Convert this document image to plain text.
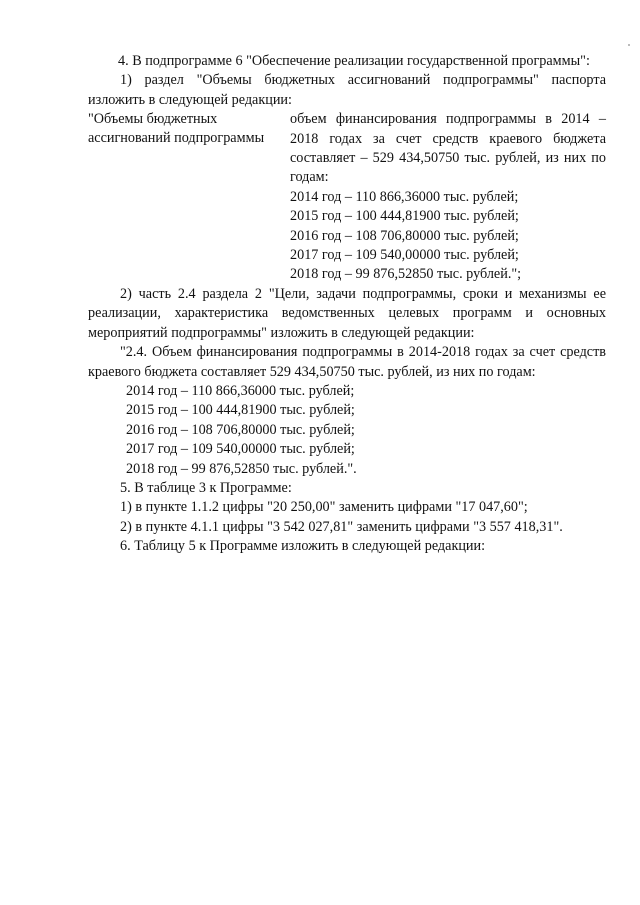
4. В подпрограмме 6 "Обеспечение реализации государственной программы":
1) раздел "Объемы бюджетных ассигнований подпрограммы" паспорта изложить в следующей редакции:
"Объемы бюджетных
ассигнований подпрограммы
объем финансирования подпрограммы в 2014 – 2018 годах за счет средств краевого бюджета составляет – 529 434,50750 тыс. рублей, из них по годам:
2014 год – 110 866,36000 тыс. рублей;
2015 год – 100 444,81900 тыс. рублей;
2016 год – 108 706,80000 тыс. рублей;
2017 год – 109 540,00000 тыс. рублей;
2018 год – 99 876,52850 тыс. рублей.";
2) часть 2.4 раздела 2 "Цели, задачи подпрограммы, сроки и механизмы ее реализации, характеристика ведомственных целевых программ и основных мероприятий подпрограммы" изложить в следующей редакции:
"2.4. Объем финансирования подпрограммы в 2014-2018 годах за счет средств краевого бюджета составляет 529 434,50750 тыс. рублей, из них по годам:
2014 год – 110 866,36000 тыс. рублей;
2015 год – 100 444,81900 тыс. рублей;
2016 год – 108 706,80000 тыс. рублей;
2017 год – 109 540,00000 тыс. рублей;
2018 год – 99 876,52850 тыс. рублей.".
5. В таблице 3 к Программе:
1) в пункте 1.1.2 цифры "20 250,00" заменить цифрами "17 047,60";
2) в пункте 4.1.1 цифры "3 542 027,81" заменить цифрами "3 557 418,31".
6. Таблицу 5 к Программе изложить в следующей редакции:
